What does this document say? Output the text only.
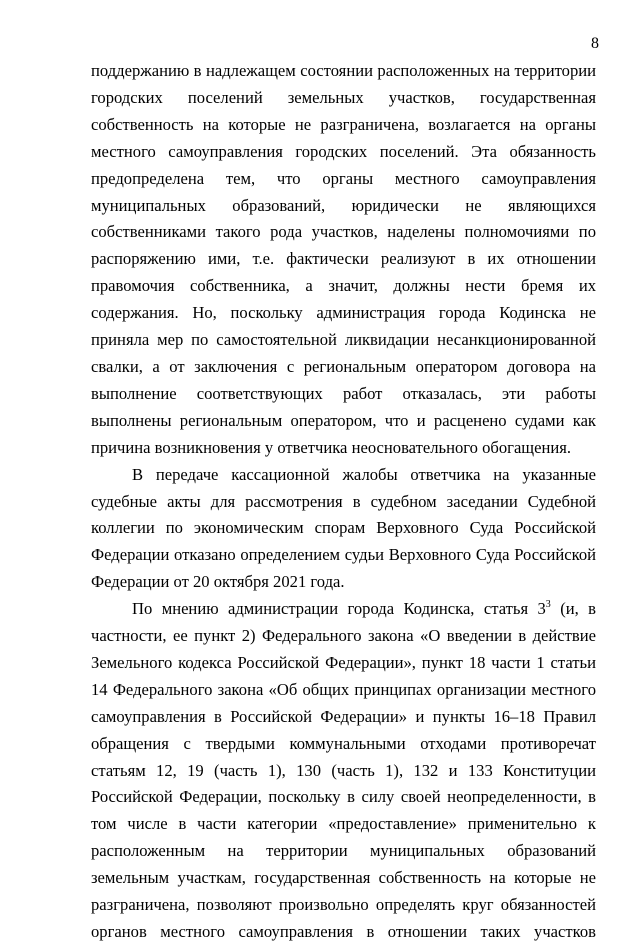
8

поддержанию в надлежащем состоянии расположенных на территории городских поселений земельных участков, государственная собственность на которые не разграничена, возлагается на органы местного самоуправления городских поселений. Эта обязанность предопределена тем, что органы местного самоуправления муниципальных образований, юридически не являющихся собственниками такого рода участков, наделены полномочиями по распоряжению ими, т.е. фактически реализуют в их отношении правомочия собственника, а значит, должны нести бремя их содержания. Но, поскольку администрация города Кодинска не приняла мер по самостоятельной ликвидации несанкционированной свалки, а от заключения с региональным оператором договора на выполнение соответствующих работ отказалась, эти работы выполнены региональным оператором, что и расценено судами как причина возникновения у ответчика неосновательного обогащения.

В передаче кассационной жалобы ответчика на указанные судебные акты для рассмотрения в судебном заседании Судебной коллегии по экономическим спорам Верховного Суда Российской Федерации отказано определением судьи Верховного Суда Российской Федерации от 20 октября 2021 года.

По мнению администрации города Кодинска, статья $3^3$ (и, в частности, ее пункт 2) Федерального закона «О введении в действие Земельного кодекса Российской Федерации», пункт 18 части 1 статьи 14 Федерального закона «Об общих принципах организации местного самоуправления в Российской Федерации» и пункты 16–18 Правил обращения с твердыми коммунальными отходами противоречат статьям 12, 19 (часть 1), 130 (часть 1), 132 и 133 Конституции Российской Федерации, поскольку в силу своей неопределенности, в том числе в части категории «предоставление» применительно к расположенным на территории муниципальных образований земельным участкам, государственная собственность на которые не разграничена, позволяют произвольно определять круг обязанностей органов местного самоуправления в отношении таких участков
